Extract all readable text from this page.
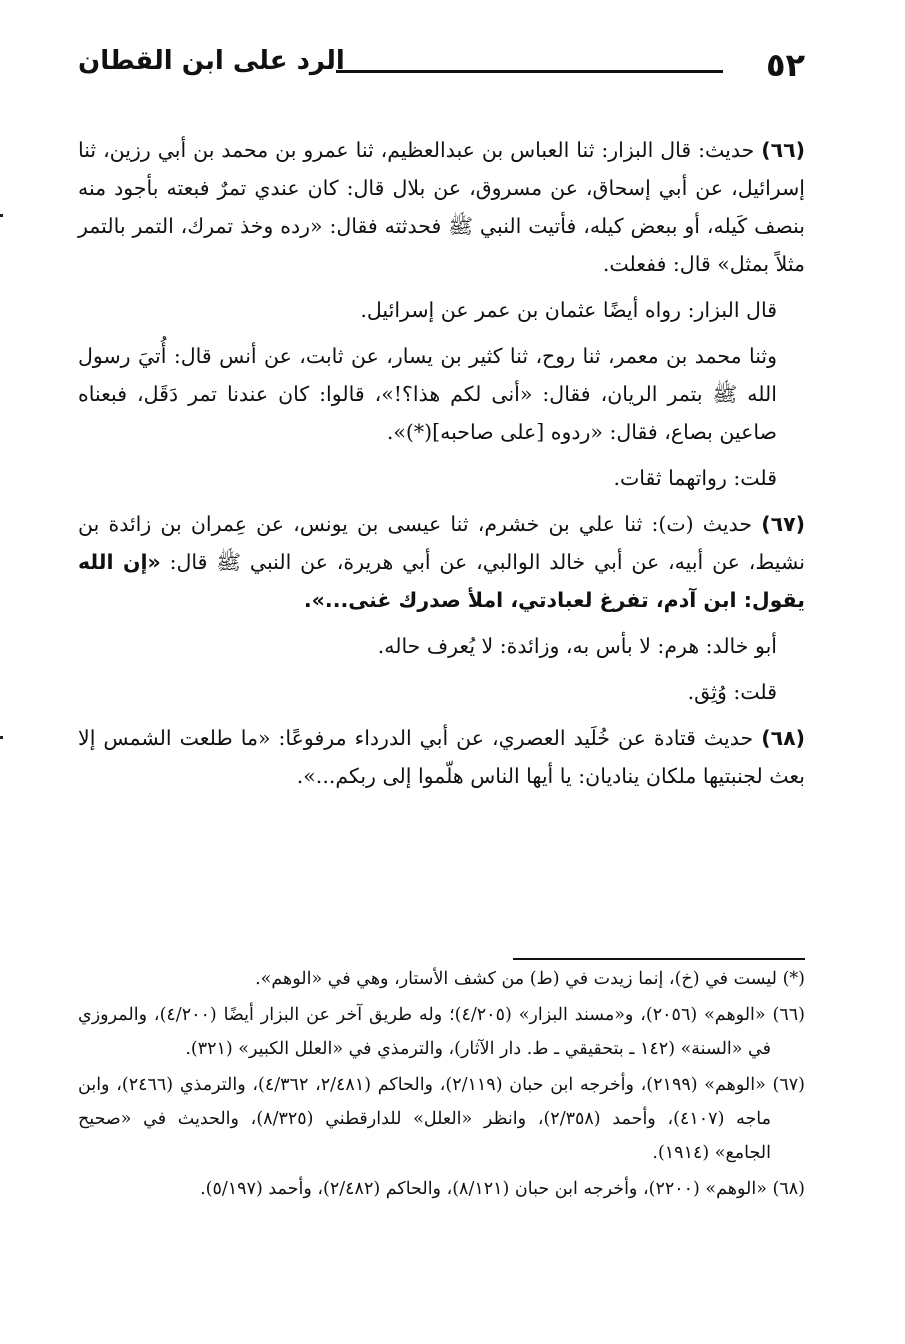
٥٢
الرد على ابن القطان

(٦٦) حديث: قال البزار: ثنا العباس بن عبدالعظيم، ثنا عمرو بن محمد بن أبي رزين، ثنا إسرائيل، عن أبي إسحاق، عن مسروق، عن بلال قال: كان عندي تمرٌ فبعته بأجود منه بنصف كَيله، أو ببعض كيله، فأتيت النبي ﷺ فحدثته فقال: «رده وخذ تمرك، التمر بالتمر مثلاً بمثل» قال: ففعلت.

قال البزار: رواه أيضًا عثمان بن عمر عن إسرائيل.

وثنا محمد بن معمر، ثنا روح، ثنا كثير بن يسار، عن ثابت، عن أنس قال: أُتيَ رسول الله ﷺ بتمر الريان، فقال: «أنى لكم هذا؟!»، قالوا: كان عندنا تمر دَقَل، فبعناه صاعين بصاع، فقال: «ردوه [على صاحبه](*)».

قلت: رواتهما ثقات.

(٦٧) حديث (ت): ثنا علي بن خشرم، ثنا عيسى بن يونس، عن عِمران بن زائدة بن نشيط، عن أبيه، عن أبي خالد الوالبي، عن أبي هريرة، عن النبي ﷺ قال: «إن الله يقول: ابن آدم، تفرغ لعبادتي، املأ صدرك غنى...».

أبو خالد: هرم: لا بأس به، وزائدة: لا يُعرف حاله.

قلت: وُثِق.

(٦٨) حديث قتادة عن خُلَيد العصري، عن أبي الدرداء مرفوعًا: «ما طلعت الشمس إلا بعث لجنبتيها ملكان يناديان: يا أيها الناس هلّموا إلى ربكم...».

(*) ليست في (خ)، إنما زيدت في (ط) من كشف الأستار، وهي في «الوهم».

(٦٦) «الوهم» (٢٠٥٦)، و«مسند البزار» (٤/٢٠٥)؛ وله طريق آخر عن البزار أيضًا (٤/٢٠٠)، والمروزي في «السنة» (١٤٢ ـ بتحقيقي ـ ط. دار الآثار)، والترمذي في «العلل الكبير» (٣٢١).

(٦٧) «الوهم» (٢١٩٩)، وأخرجه ابن حبان (٢/١١٩)، والحاكم (٢/٤٨١، ٤/٣٦٢)، والترمذي (٢٤٦٦)، وابن ماجه (٤١٠٧)، وأحمد (٢/٣٥٨)، وانظر «العلل» للدارقطني (٨/٣٢٥)، والحديث في «صحيح الجامع» (١٩١٤).

(٦٨) «الوهم» (٢٢٠٠)، وأخرجه ابن حبان (٨/١٢١)، والحاكم (٢/٤٨٢)، وأحمد (٥/١٩٧).
